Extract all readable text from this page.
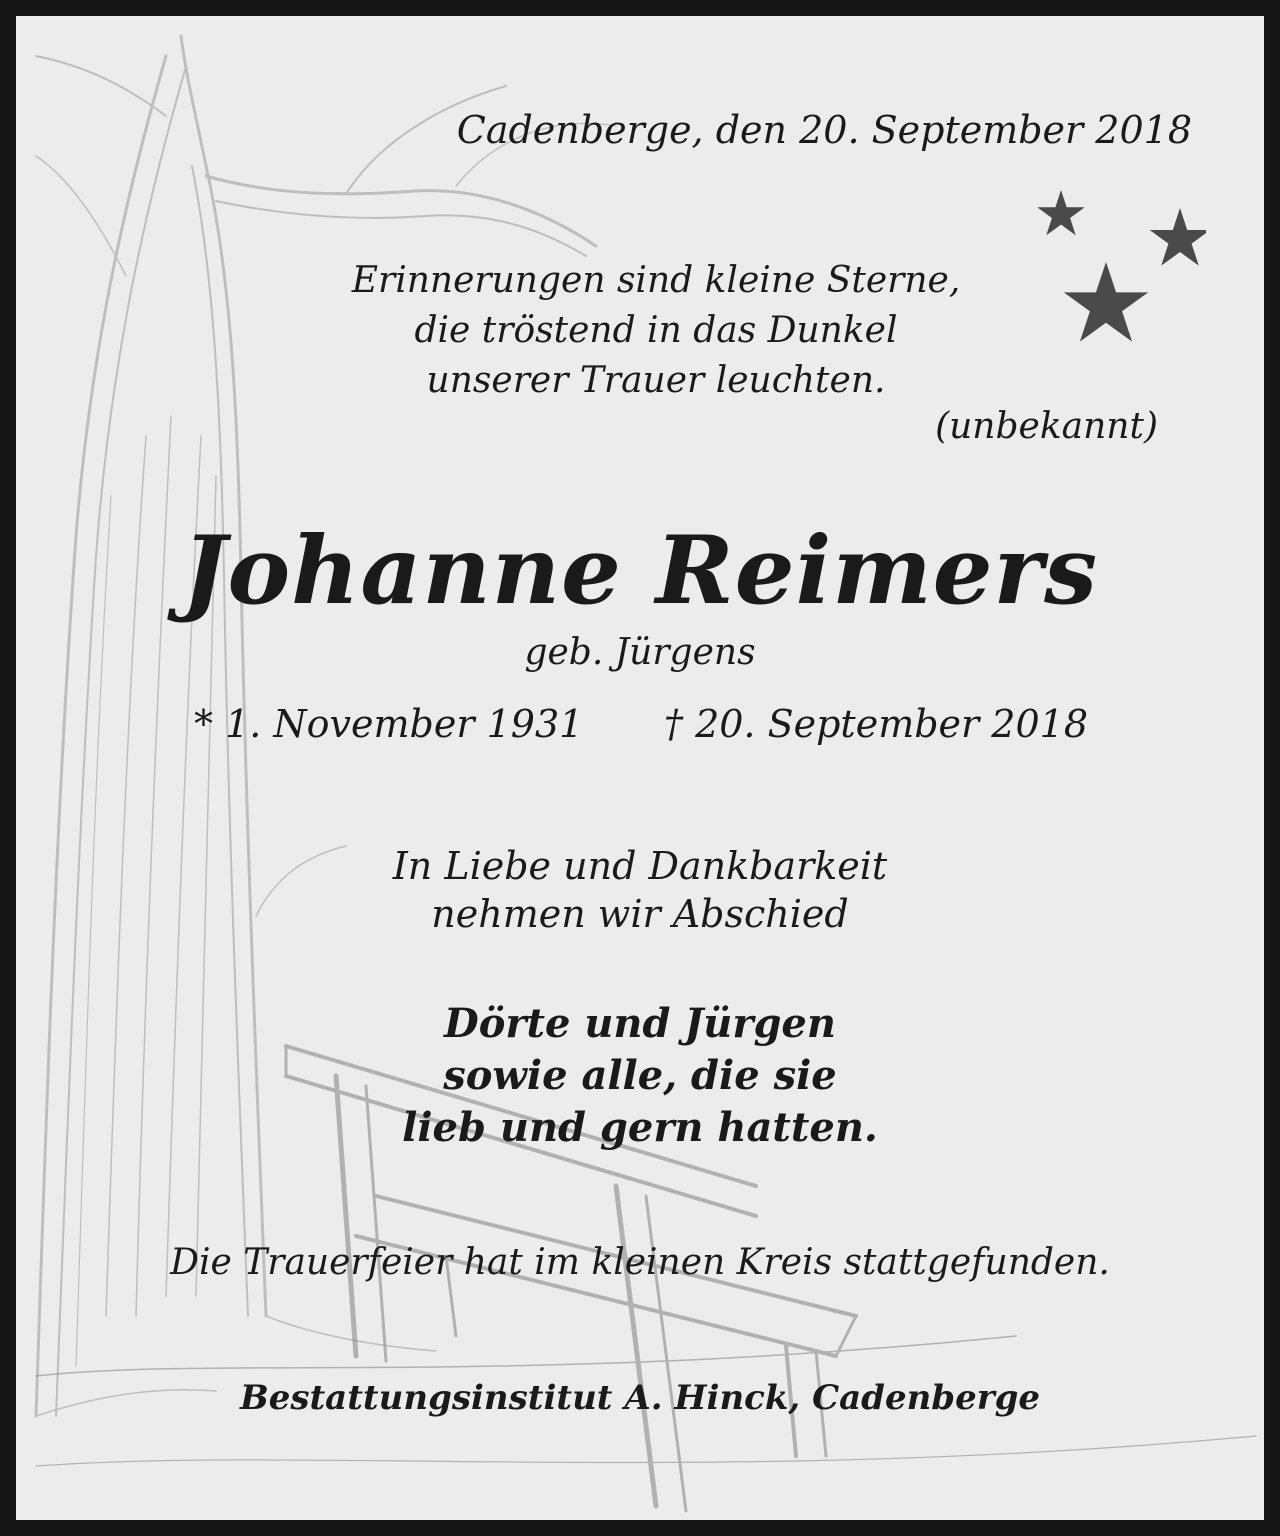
Cadenberge, den 20. September 2018
Erinnerungen sind kleine Sterne,
die tröstend in das Dunkel
unserer Trauer leuchten.
(unbekannt)
Johanne Reimers
geb. Jürgens
* 1. November 1931 † 20. September 2018
In Liebe und Dankbarkeit
nehmen wir Abschied
Dörte und Jürgen
sowie alle, die sie
lieb und gern hatten.
Die Trauerfeier hat im kleinen Kreis stattgefunden.
Bestattungsinstitut A. Hinck, Cadenberge
